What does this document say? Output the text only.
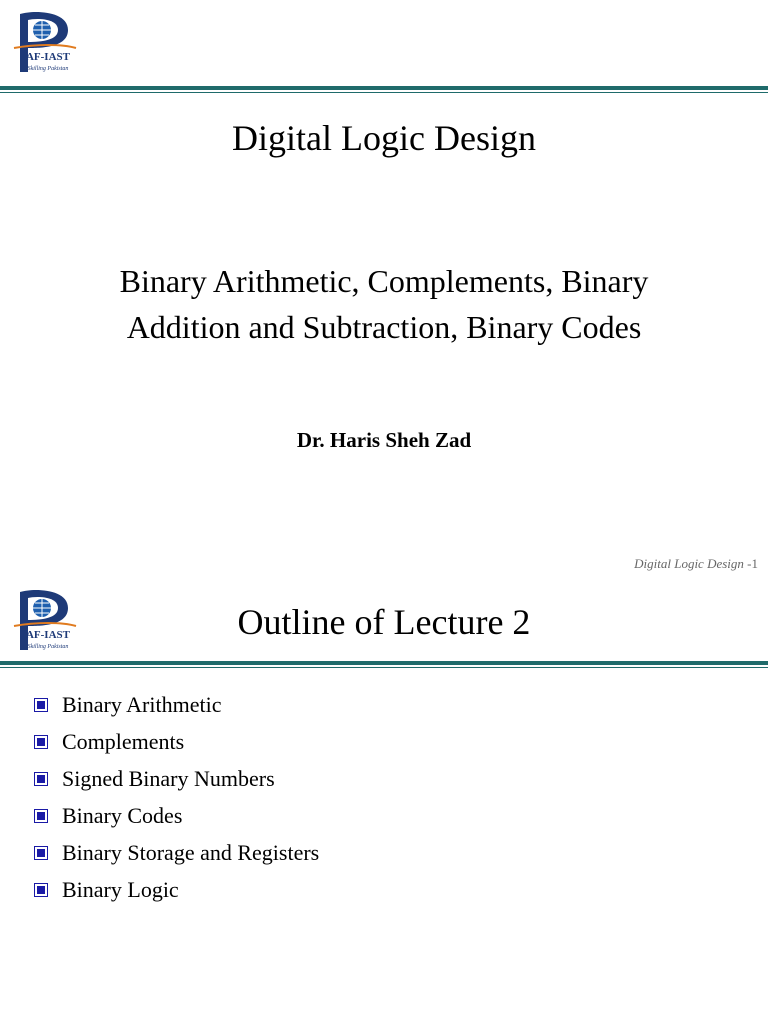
AF-IAST
Skilling Pakistan
Digital Logic Design
Binary Arithmetic, Complements, Binary
Addition and Subtraction, Binary Codes
Dr. Haris Sheh Zad
Digital Logic Design -1
AF-IAST
Skilling Pakistan
Outline of Lecture 2
Binary Arithmetic
Complements
Signed Binary Numbers
Binary Codes
Binary Storage and Registers
Binary Logic
